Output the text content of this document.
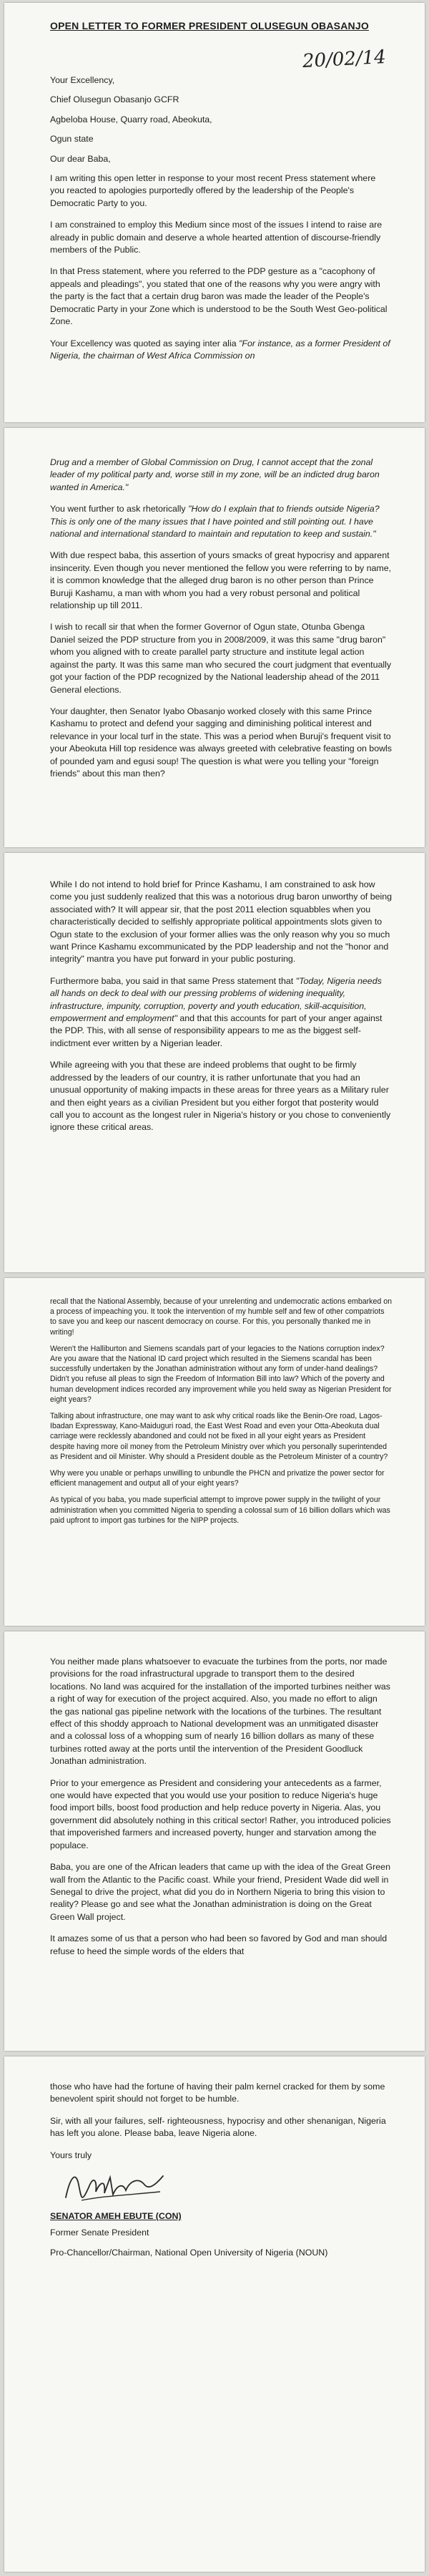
OPEN LETTER TO FORMER PRESIDENT OLUSEGUN OBASANJO
20/02/14

Your Excellency,

Chief Olusegun Obasanjo GCFR

Agbeloba House, Quarry road, Abeokuta,

Ogun state

Our dear Baba,

I am writing this open letter in response to your most recent Press statement where you reacted to apologies purportedly offered by the leadership of the People's Democratic Party to you.

I am constrained to employ this Medium since most of the issues I intend to raise are already in public domain and deserve a whole hearted attention of discourse-friendly members of the Public.

In that Press statement, where you referred to the PDP gesture as a "cacophony of appeals and pleadings", you stated that one of the reasons why you were angry with the party is the fact that a certain drug baron was made the leader of the People's Democratic Party in your Zone which is understood to be the South West Geo-political Zone.

Your Excellency was quoted as saying inter alia "For instance, as a former President of Nigeria, the chairman of West Africa Commission on

Drug and a member of Global Commission on Drug, I cannot accept that the zonal leader of my political party and, worse still in my zone, will be an indicted drug baron wanted in America."

You went further to ask rhetorically "How do I explain that to friends outside Nigeria? This is only one of the many issues that I have pointed and still pointing out. I have national and international standard to maintain and reputation to keep and sustain."

With due respect baba, this assertion of yours smacks of great hypocrisy and apparent insincerity. Even though you never mentioned the fellow you were referring to by name, it is common knowledge that the alleged drug baron is no other person than Prince Buruji Kashamu, a man with whom you had a very robust personal and political relationship up till 2011.

I wish to recall sir that when the former Governor of Ogun state, Otunba Gbenga Daniel seized the PDP structure from you in 2008/2009, it was this same "drug baron" whom you aligned with to create parallel party structure and institute legal action against the party. It was this same man who secured the court judgment that eventually got your faction of the PDP recognized by the National leadership ahead of the 2011 General elections.

Your daughter, then Senator Iyabo Obasanjo worked closely with this same Prince Kashamu to protect and defend your sagging and diminishing political interest and relevance in your local turf in the state. This was a period when Buruji's frequent visit to your Abeokuta Hill top residence was always greeted with celebrative feasting on bowls of pounded yam and egusi soup! The question is what were you telling your "foreign friends" about this man then?

While I do not intend to hold brief for Prince Kashamu, I am constrained to ask how come you just suddenly realized that this was a notorious drug baron unworthy of being associated with? It will appear sir, that the post 2011 election squabbles when you characteristically decided to selfishly appropriate political appointments slots given to Ogun state to the exclusion of your former allies was the only reason why you so much want Prince Kashamu excommunicated by the PDP leadership and not the "honor and integrity" mantra you have put forward in your public posturing.

Furthermore baba, you said in that same Press statement that "Today, Nigeria needs all hands on deck to deal with our pressing problems of widening inequality, infrastructure, impunity, corruption, poverty and youth education, skill-acquisition, empowerment and employment" and that this accounts for part of your anger against the PDP. This, with all sense of responsibility appears to me as the biggest self-indictment ever written by a Nigerian leader.

While agreeing with you that these are indeed problems that ought to be firmly addressed by the leaders of our country, it is rather unfortunate that you had an unusual opportunity of making impacts in these areas for three years as a Military ruler and then eight years as a civilian President but you either forgot that posterity would call you to account as the longest ruler in Nigeria's history or you chose to conveniently ignore these critical areas.

recall that the National Assembly, because of your unrelenting and undemocratic actions embarked on a process of impeaching you. It took the intervention of my humble self and few of other compatriots to save you and keep our nascent democracy on course. For this, you personally thanked me in writing!

Weren't the Halliburton and Siemens scandals part of your legacies to the Nations corruption index? Are you aware that the National ID card project which resulted in the Siemens scandal has been successfully undertaken by the Jonathan administration without any form of under-hand dealings? Didn't you refuse all pleas to sign the Freedom of Information Bill into law? Which of the poverty and human development indices recorded any improvement while you held sway as Nigerian President for eight years?

Talking about infrastructure, one may want to ask why critical roads like the Benin-Ore road, Lagos-Ibadan Expressway, Kano-Maiduguri road, the East West Road and even your Otta-Abeokuta dual carriage were recklessly abandoned and could not be fixed in all your eight years as President despite having more oil money from the Petroleum Ministry over which you personally superintended as President and oil Minister. Why should a President double as the Petroleum Minister of a country?

Why were you unable or perhaps unwilling to unbundle the PHCN and privatize the power sector for efficient management and output all of your eight years?

As typical of you baba, you made superficial attempt to improve power supply in the twilight of your administration when you committed Nigeria to spending a colossal sum of 16 billion dollars which was paid upfront to import gas turbines for the NIPP projects.

You neither made plans whatsoever to evacuate the turbines from the ports, nor made provisions for the road infrastructural upgrade to transport them to the desired locations. No land was acquired for the installation of the imported turbines neither was a right of way for execution of the project acquired. Also, you made no effort to align the gas national gas pipeline network with the locations of the turbines. The resultant effect of this shoddy approach to National development was an unmitigated disaster and a colossal loss of a whopping sum of nearly 16 billion dollars as many of these turbines rotted away at the ports until the intervention of the President Goodluck Jonathan administration.

Prior to your emergence as President and considering your antecedents as a farmer, one would have expected that you would use your position to reduce Nigeria's huge food import bills, boost food production and help reduce poverty in Nigeria. Alas, you government did absolutely nothing in this critical sector! Rather, you introduced policies that impoverished farmers and increased poverty, hunger and starvation among the populace.

Baba, you are one of the African leaders that came up with the idea of the Great Green wall from the Atlantic to the Pacific coast. While your friend, President Wade did well in Senegal to drive the project, what did you do in Northern Nigeria to bring this vision to reality? Please go and see what the Jonathan administration is doing on the Great Green Wall project.

It amazes some of us that a person who had been so favored by God and man should refuse to heed the simple words of the elders that

those who have had the fortune of having their palm kernel cracked for them by some benevolent spirit should not forget to be humble.

Sir, with all your failures, self- righteousness, hypocrisy and other shenanigan, Nigeria has left you alone. Please baba, leave Nigeria alone.

Yours truly

SENATOR AMEH EBUTE (CON)

Former Senate President

Pro-Chancellor/Chairman, National Open University of Nigeria (NOUN)
